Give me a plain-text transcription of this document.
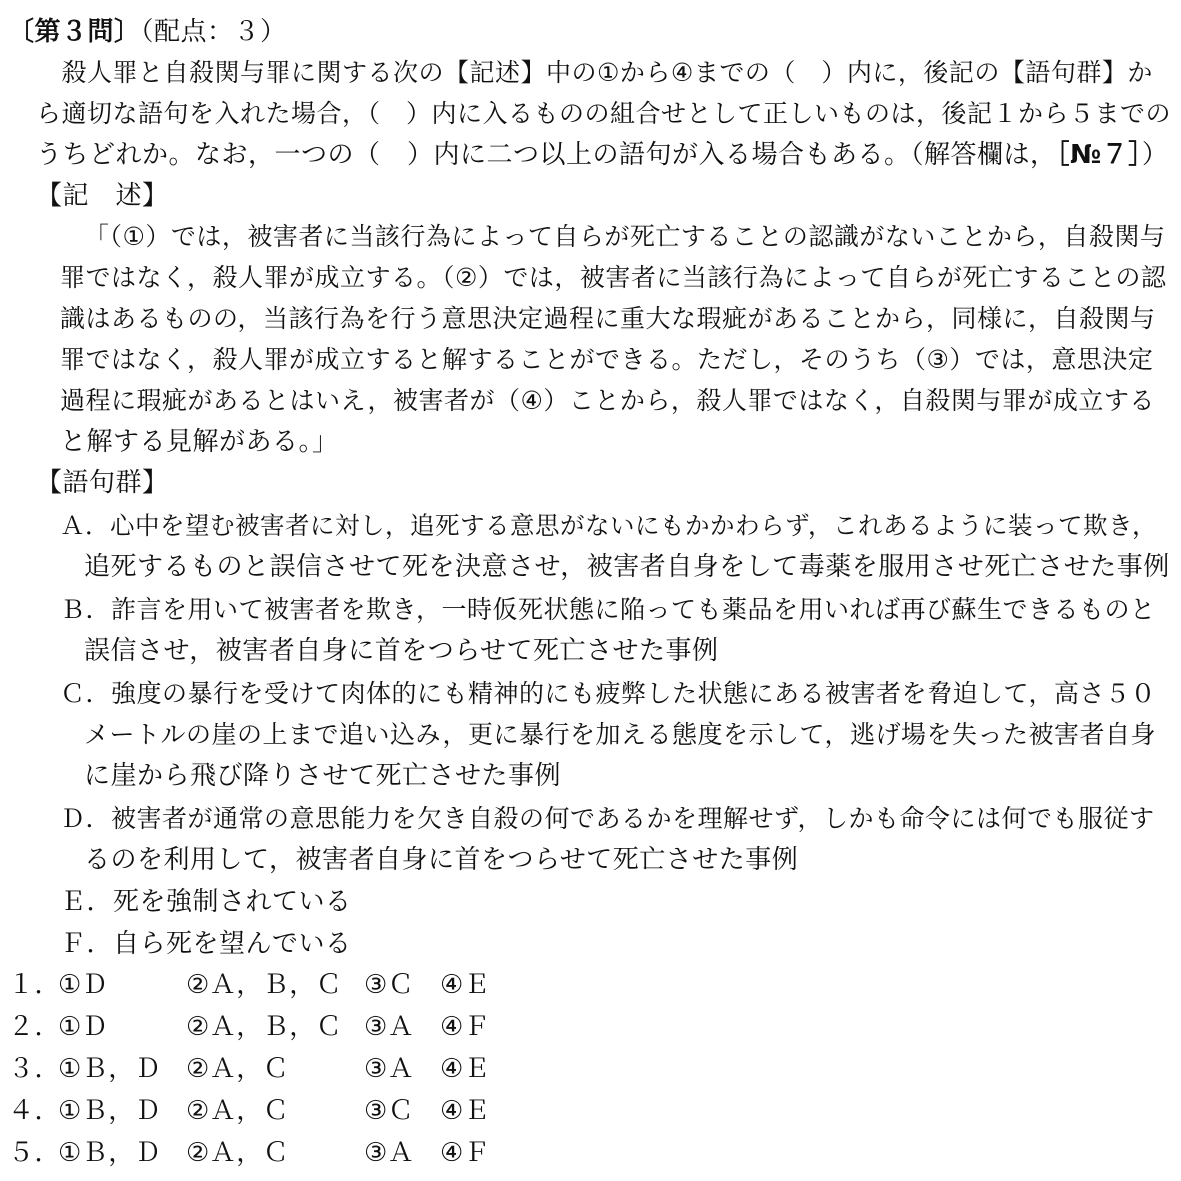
〔第３問〕（配点：３）
　殺人罪と自殺関与罪に関する次の【記述】中の①から④までの（　）内に，後記の【語句群】か
ら適切な語句を入れた場合，（　）内に入るものの組合せとして正しいものは，後記１から５までの
うちどれか。なお，一つの（　）内に二つ以上の語句が入る場合もある。（解答欄は，［№７］）
【記　述】
「（①）では，被害者に当該行為によって自らが死亡することの認識がないことから，自殺関与
罪ではなく，殺人罪が成立する。（②）では，被害者に当該行為によって自らが死亡することの認
識はあるものの，当該行為を行う意思決定過程に重大な瑕疵があることから，同様に，自殺関与
罪ではなく，殺人罪が成立すると解することができる。ただし，そのうち（③）では，意思決定
過程に瑕疵があるとはいえ，被害者が（④）ことから，殺人罪ではなく，自殺関与罪が成立する
と解する見解がある。」
【語句群】
Ａ．心中を望む被害者に対し，追死する意思がないにもかかわらず，これあるように装って欺き，
追死するものと誤信させて死を決意させ，被害者自身をして毒薬を服用させ死亡させた事例
Ｂ．詐言を用いて被害者を欺き，一時仮死状態に陥っても薬品を用いれば再び蘇生できるものと
誤信させ，被害者自身に首をつらせて死亡させた事例
Ｃ．強度の暴行を受けて肉体的にも精神的にも疲弊した状態にある被害者を脅迫して，高さ５０
メートルの崖の上まで追い込み，更に暴行を加える態度を示して，逃げ場を失った被害者自身
に崖から飛び降りさせて死亡させた事例
Ｄ．被害者が通常の意思能力を欠き自殺の何であるかを理解せず，しかも命令には何でも服従す
るのを利用して，被害者自身に首をつらせて死亡させた事例
Ｅ．死を強制されている
Ｆ．自ら死を望んでいる
１．
①Ｄ	②Ａ，Ｂ，Ｃ ③Ｃ ④Ｅ
２．
①Ｄ	②Ａ，Ｂ，Ｃ ③Ａ ④Ｆ
３．
①Ｂ，Ｄ ②Ａ，Ｃ	③Ａ ④Ｅ
４．
①Ｂ，Ｄ ②Ａ，Ｃ	③Ｃ ④Ｅ
５．
①Ｂ，Ｄ ②Ａ，Ｃ	③Ａ ④Ｆ
